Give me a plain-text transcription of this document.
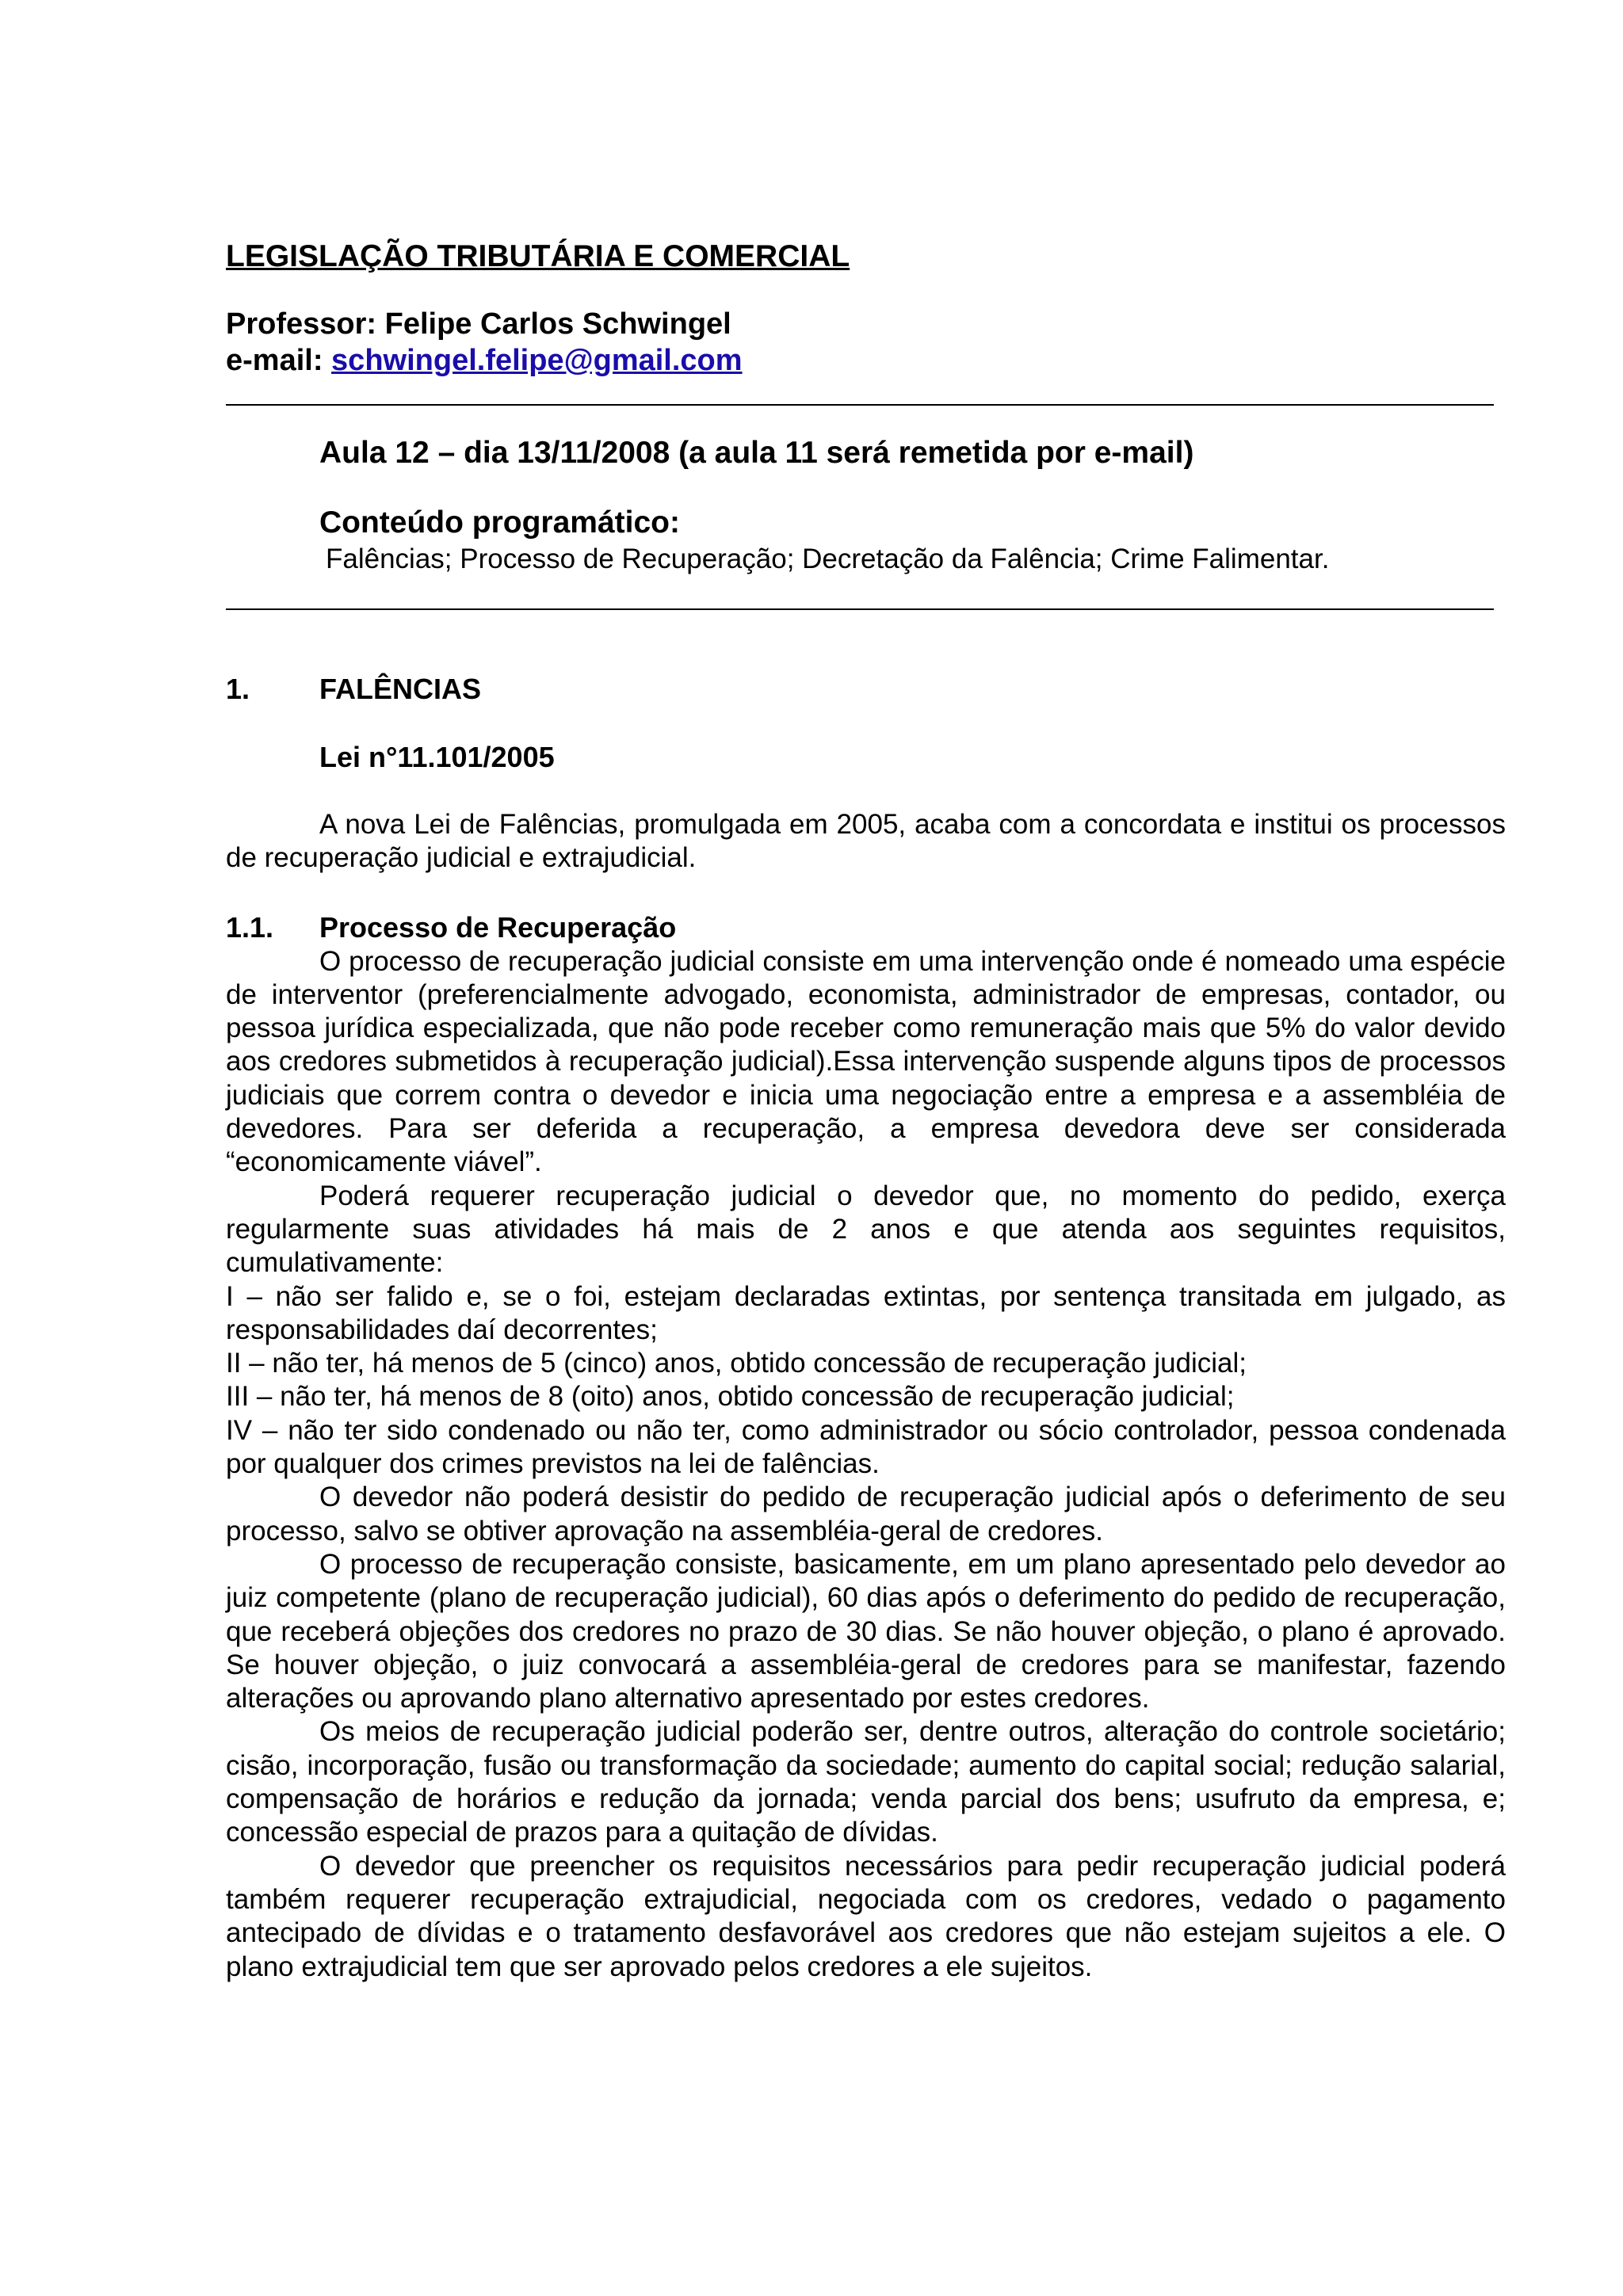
LEGISLAÇÃO TRIBUTÁRIA E COMERCIAL
Professor: Felipe Carlos Schwingel
e-mail: schwingel.felipe@gmail.com
Aula 12 – dia 13/11/2008 (a aula 11 será remetida por e-mail)
Conteúdo programático:
Falências; Processo de Recuperação; Decretação da Falência; Crime Falimentar.
1.	FALÊNCIAS
Lei n°11.101/2005

A nova Lei de Falências, promulgada em 2005, acaba com a concordata e institui os processos de recuperação judicial e extrajudicial.

1.1.	Processo de Recuperação

O processo de recuperação judicial consiste em uma intervenção onde é nomeado uma espécie de interventor (preferencialmente advogado, economista, administrador de empresas, contador, ou pessoa jurídica especializada, que não pode receber como remuneração mais que 5% do valor devido aos credores submetidos à recuperação judicial).Essa intervenção suspende alguns tipos de processos judiciais que correm contra o devedor e inicia uma negociação entre a empresa e a assembléia de devedores. Para ser deferida a recuperação, a empresa devedora deve ser considerada “economicamente viável”.

Poderá requerer recuperação judicial o devedor que, no momento do pedido, exerça regularmente suas atividades há mais de 2 anos e que atenda aos seguintes requisitos, cumulativamente:

I – não ser falido e, se o foi, estejam declaradas extintas, por sentença transitada em julgado, as responsabilidades daí decorrentes;

II – não ter, há menos de 5 (cinco) anos, obtido concessão de recuperação judicial;

III – não ter, há menos de 8 (oito) anos, obtido concessão de recuperação judicial;

IV – não ter sido condenado ou não ter, como administrador ou sócio controlador, pessoa condenada por qualquer dos crimes previstos na lei de falências.

O devedor não poderá desistir do pedido de recuperação judicial após o deferimento de seu processo, salvo se obtiver aprovação na assembléia-geral de credores.

O processo de recuperação consiste, basicamente, em um plano apresentado pelo devedor ao juiz competente (plano de recuperação judicial), 60 dias após o deferimento do pedido de recuperação, que receberá objeções dos credores no prazo de 30 dias. Se não houver objeção, o plano é aprovado. Se houver objeção, o juiz convocará a assembléia-geral de credores para se manifestar, fazendo alterações ou aprovando plano alternativo apresentado por estes credores.

Os meios de recuperação judicial poderão ser, dentre outros, alteração do controle societário; cisão, incorporação, fusão ou transformação da sociedade; aumento do capital social; redução salarial, compensação de horários e redução da jornada; venda parcial dos bens; usufruto da empresa, e; concessão especial de prazos para a quitação de dívidas.

O devedor que preencher os requisitos necessários para pedir recuperação judicial poderá também requerer recuperação extrajudicial, negociada com os credores, vedado o pagamento antecipado de dívidas e o tratamento desfavorável aos credores que não estejam sujeitos a ele. O plano extrajudicial tem que ser aprovado pelos credores a ele sujeitos.
